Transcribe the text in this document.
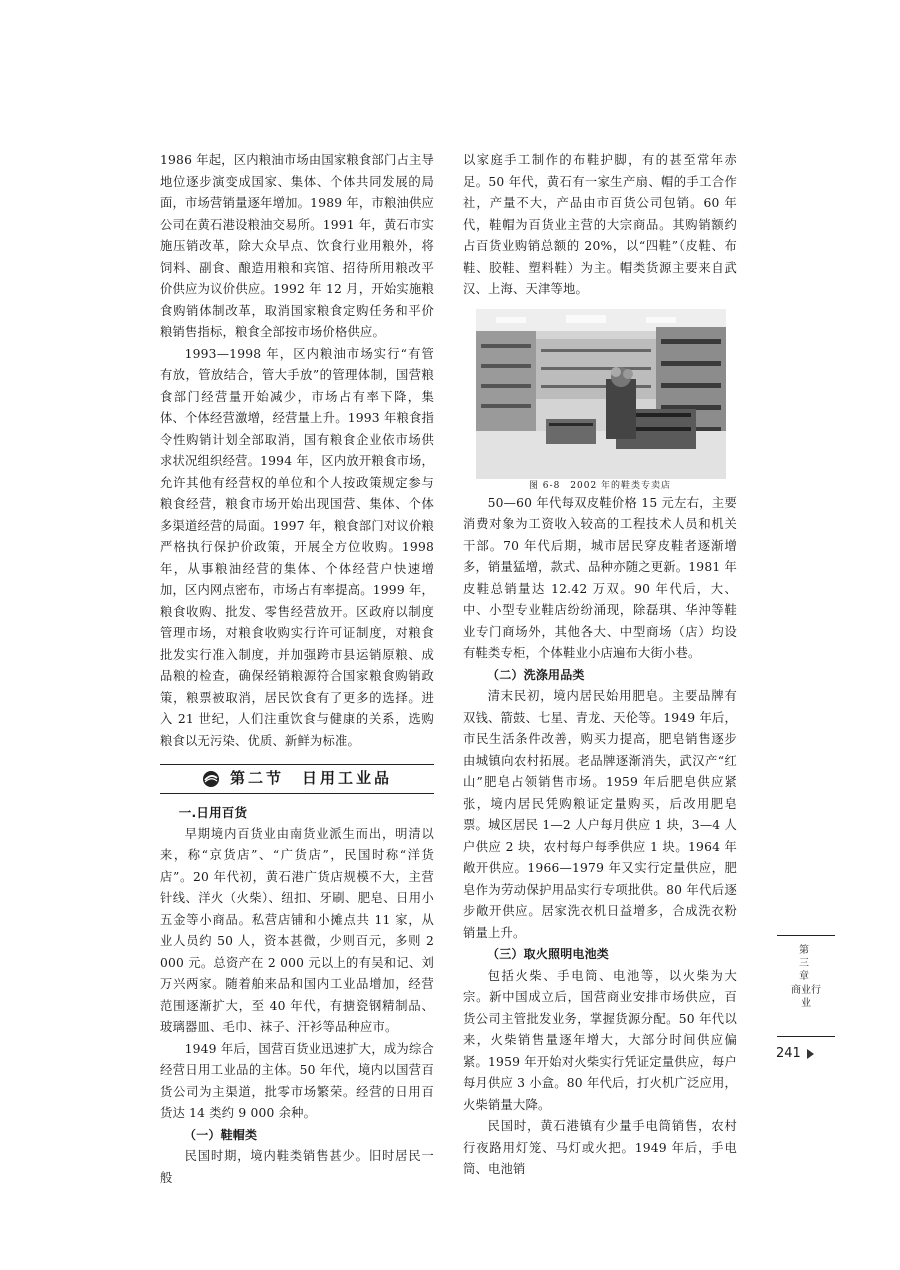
1986 年起，区内粮油市场由国家粮食部门占主导地位逐步演变成国家、集体、个体共同发展的局面，市场营销量逐年增加。1989 年，市粮油供应公司在黄石港设粮油交易所。1991 年，黄石市实施压销改革，除大众早点、饮食行业用粮外，将饲料、副食、酿造用粮和宾馆、招待所用粮改平价供应为议价供应。1992 年 12 月，开始实施粮食购销体制改革，取消国家粮食定购任务和平价粮销售指标，粮食全部按市场价格供应。

1993—1998 年，区内粮油市场实行“有管有放，管放结合，管大手放”的管理体制，国营粮食部门经营量开始减少，市场占有率下降，集体、个体经营激增，经营量上升。1993 年粮食指令性购销计划全部取消，国有粮食企业依市场供求状况组织经营。1994 年，区内放开粮食市场，允许其他有经营权的单位和个人按政策规定参与粮食经营，粮食市场开始出现国营、集体、个体多渠道经营的局面。1997 年，粮食部门对议价粮严格执行保护价政策，开展全方位收购。1998 年，从事粮油经营的集体、个体经营户快速增加，区内网点密布，市场占有率提高。1999 年，粮食收购、批发、零售经营放开。区政府以制度管理市场，对粮食收购实行许可证制度，对粮食批发实行准入制度，并加强跨市县运销原粮、成品粮的检查，确保经销粮源符合国家粮食购销政策，粮票被取消，居民饮食有了更多的选择。进入 21 世纪，人们注重饮食与健康的关系，选购粮食以无污染、优质、新鲜为标准。

第二节　日用工业品

一.日用百货

早期境内百货业由南货业派生而出，明清以来，称“京货店”、“广货店”，民国时称“洋货店”。20 年代初，黄石港广货店规模不大，主营针线、洋火（火柴）、纽扣、牙刷、肥皂、日用小五金等小商品。私营店铺和小摊点共 11 家，从业人员约 50 人，资本甚微，少则百元，多则 2 000 元。总资产在 2 000 元以上的有吴和记、刘万兴两家。随着舶来品和国内工业品增加，经营范围逐渐扩大，至 40 年代，有搪瓷钢精制品、玻璃器皿、毛巾、袜子、汗衫等品种应市。

1949 年后，国营百货业迅速扩大，成为综合经营日用工业品的主体。50 年代，境内以国营百货公司为主渠道，批零市场繁荣。经营的日用百货达 14 类约 9 000 余种。

（一）鞋帽类

民国时期，境内鞋类销售甚少。旧时居民一般

以家庭手工制作的布鞋护脚，有的甚至常年赤足。50 年代，黄石有一家生产扇、帽的手工合作社，产量不大，产品由市百货公司包销。60 年代，鞋帽为百货业主营的大宗商品。其购销额约占百货业购销总额的 20%，以“四鞋”（皮鞋、布鞋、胶鞋、塑料鞋）为主。帽类货源主要来自武汉、上海、天津等地。

图 6-8　2002 年的鞋类专卖店

50—60 年代每双皮鞋价格 15 元左右，主要消费对象为工资收入较高的工程技术人员和机关干部。70 年代后期，城市居民穿皮鞋者逐渐增多，销量猛增，款式、品种亦随之更新。1981 年皮鞋总销量达 12.42 万双。90 年代后，大、中、小型专业鞋店纷纷涌现，除磊琪、华沖等鞋业专门商场外，其他各大、中型商场（店）均设有鞋类专柜，个体鞋业小店遍布大街小巷。

（二）洗涤用品类

清末民初，境内居民始用肥皂。主要品牌有双钱、箭鼓、七星、青龙、天伦等。1949 年后，市民生活条件改善，购买力提高，肥皂销售逐步由城镇向农村拓展。老品牌逐渐消失，武汉产“红山”肥皂占领销售市场。1959 年后肥皂供应紧张，境内居民凭购粮证定量购买，后改用肥皂票。城区居民 1—2 人户每月供应 1 块，3—4 人户供应 2 块，农村每户每季供应 1 块。1964 年敞开供应。1966—1979 年又实行定量供应，肥皂作为劳动保护用品实行专项批供。80 年代后逐步敞开供应。居家洗衣机日益增多，合成洗衣粉销量上升。

（三）取火照明电池类

包括火柴、手电筒、电池等，以火柴为大宗。新中国成立后，国营商业安排市场供应，百货公司主管批发业务，掌握货源分配。50 年代以来，火柴销售量逐年增大，大部分时间供应偏紧。1959 年开始对火柴实行凭证定量供应，每户每月供应 3 小盒。80 年代后，打火机广泛应用，火柴销量大降。

民国时，黄石港镇有少量手电筒销售，农村行夜路用灯笼、马灯或火把。1949 年后，手电筒、电池销

第三章
商业行业
241
